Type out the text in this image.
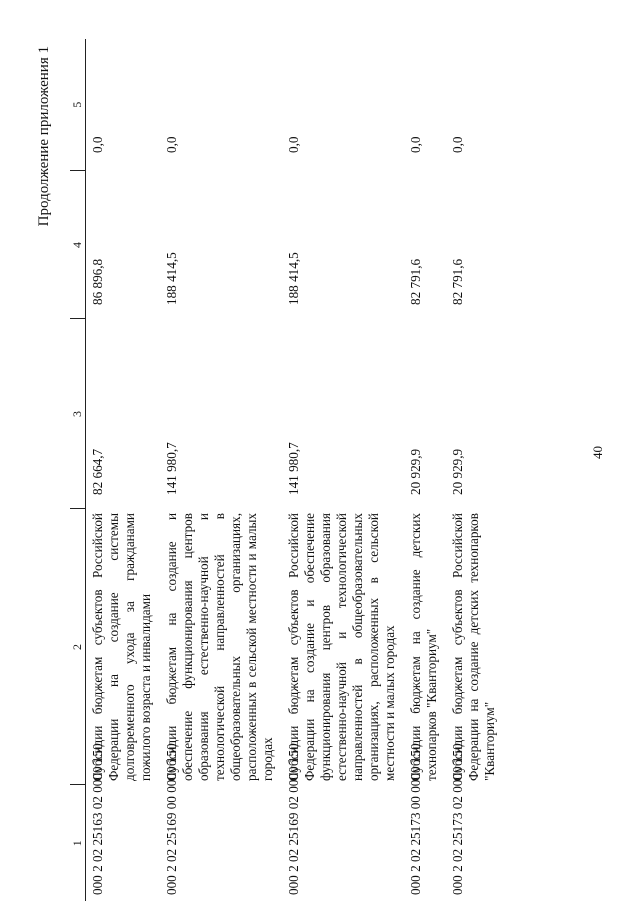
40
Продолжение приложения 1
1	2	3	4	5
000 2 02 25163 02 0000 150	Субсидии бюджетам субъектов Российской Федерации на создание системы долговременного ухода за гражданами пожилого возраста и инвалидами	82 664,7	86 896,8	0,0
000 2 02 25169 00 0000 150	Субсидии бюджетам на создание и обеспечение функционирования центров образования естественно-научной и технологической направленностей в общеобразовательных организациях, расположенных в сельской местности и малых городах	141 980,7	188 414,5	0,0
000 2 02 25169 02 0000 150	Субсидии бюджетам субъектов Российской Федерации на создание и обеспечение функционирования центров образования естественно-научной и технологической направленностей в общеобразовательных организациях, расположенных в сельской местности и малых городах	141 980,7	188 414,5	0,0
000 2 02 25173 00 0000 150	Субсидии бюджетам на создание детских технопарков "Кванториум"	20 929,9	82 791,6	0,0
000 2 02 25173 02 0000 150	Субсидии бюджетам субъектов Российской Федерации на создание детских технопарков "Кванториум"	20 929,9	82 791,6	0,0
